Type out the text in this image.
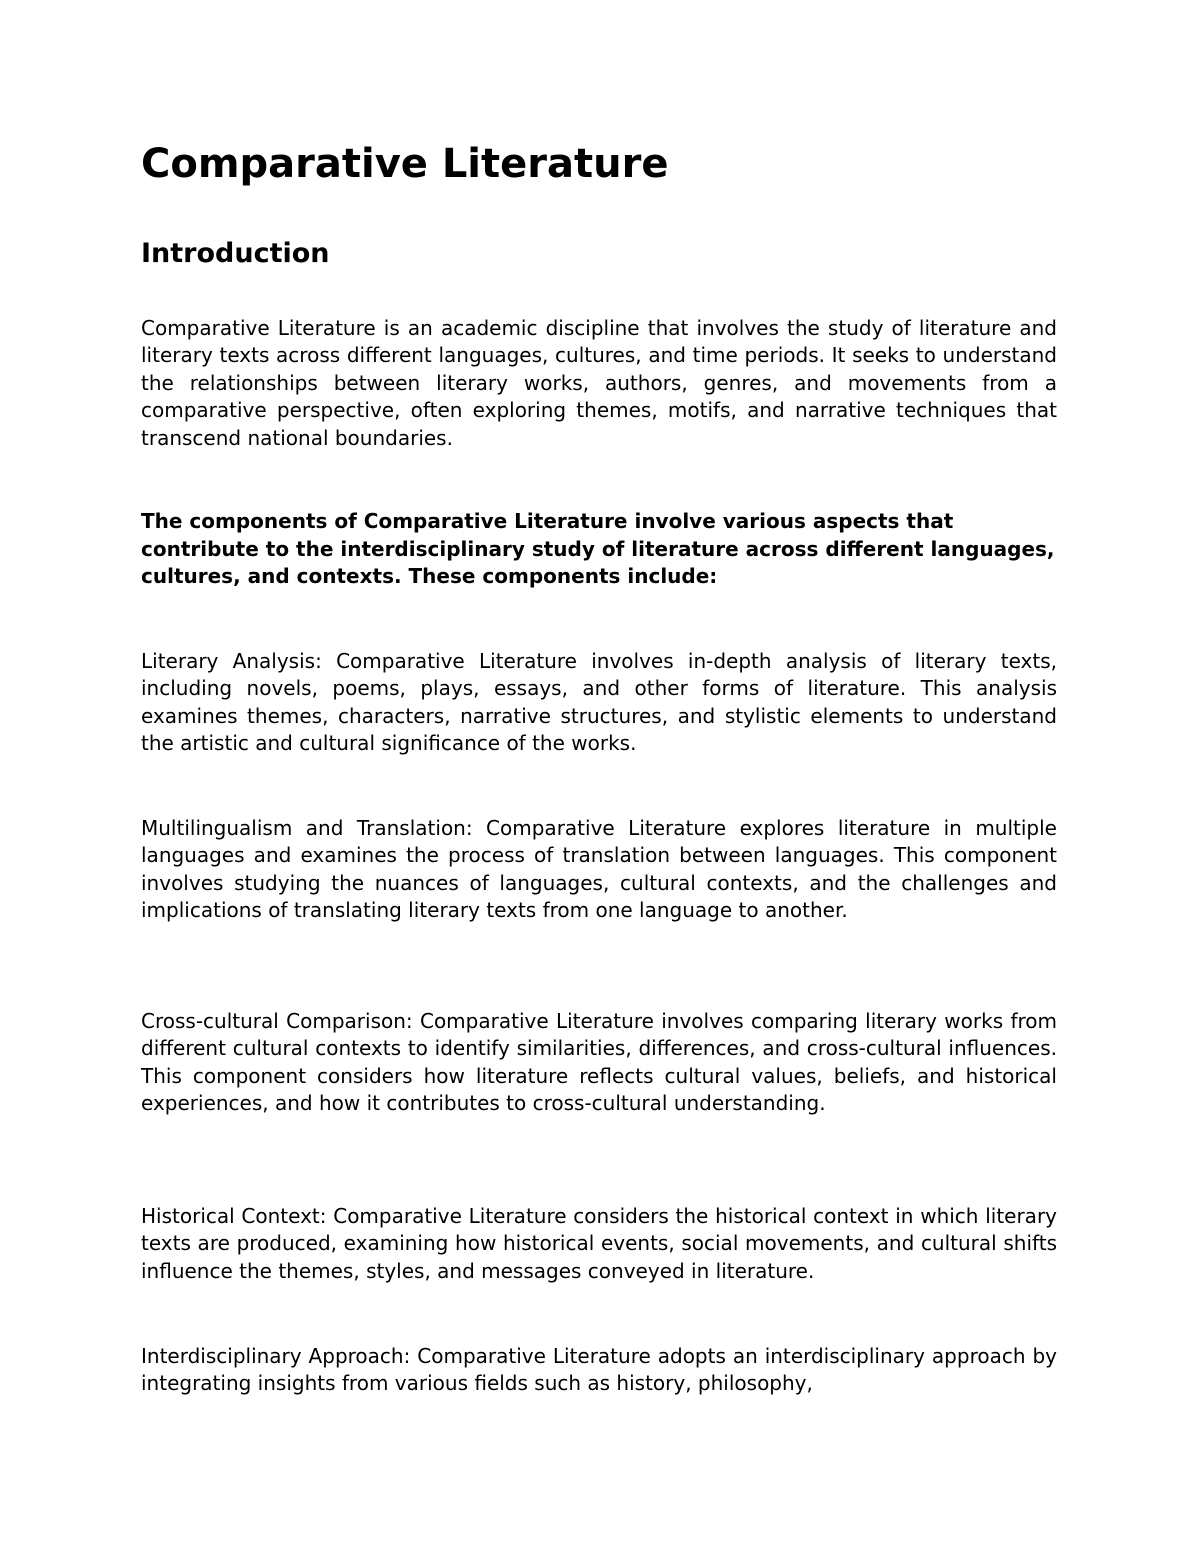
Comparative Literature
Introduction

Comparative Literature is an academic discipline that involves the study of literature and literary texts across different languages, cultures, and time periods. It seeks to understand the relationships between literary works, authors, genres, and movements from a comparative perspective, often exploring themes, motifs, and narrative techniques that transcend national boundaries.

The components of Comparative Literature involve various aspects that contribute to the interdisciplinary study of literature across different languages, cultures, and contexts. These components include:

Literary Analysis: Comparative Literature involves in-depth analysis of literary texts, including novels, poems, plays, essays, and other forms of literature. This analysis examines themes, characters, narrative structures, and stylistic elements to understand the artistic and cultural significance of the works.

Multilingualism and Translation: Comparative Literature explores literature in multiple languages and examines the process of translation between languages. This component involves studying the nuances of languages, cultural contexts, and the challenges and implications of translating literary texts from one language to another.

Cross-cultural Comparison: Comparative Literature involves comparing literary works from different cultural contexts to identify similarities, differences, and cross-cultural influences. This component considers how literature reflects cultural values, beliefs, and historical experiences, and how it contributes to cross-cultural understanding.

Historical Context: Comparative Literature considers the historical context in which literary texts are produced, examining how historical events, social movements, and cultural shifts influence the themes, styles, and messages conveyed in literature.

Interdisciplinary Approach: Comparative Literature adopts an interdisciplinary approach by integrating insights from various fields such as history, philosophy,
